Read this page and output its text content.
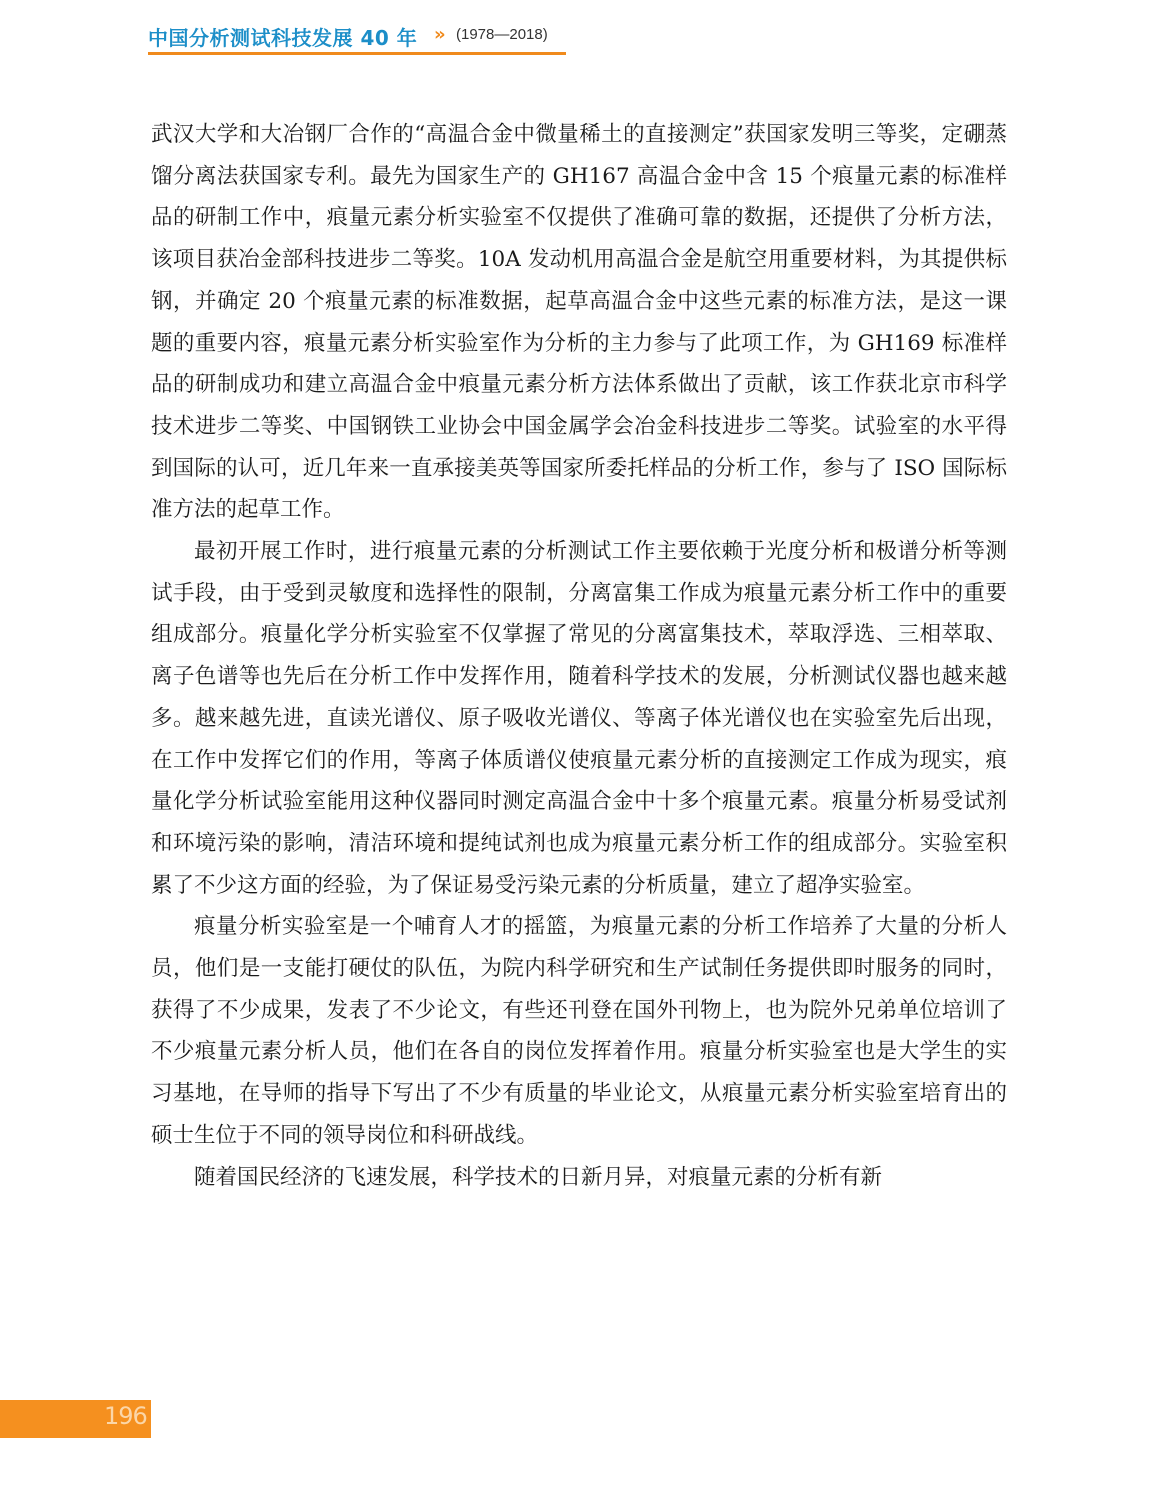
中国分析测试科技发展 40 年 » (1978—2018)

武汉大学和大冶钢厂合作的“高温合金中微量稀土的直接测定”获国家发明三等奖，定硼蒸馏分离法获国家专利。最先为国家生产的 GH167 高温合金中含 15 个痕量元素的标准样品的研制工作中，痕量元素分析实验室不仅提供了准确可靠的数据，还提供了分析方法，该项目获冶金部科技进步二等奖。10A 发动机用高温合金是航空用重要材料，为其提供标钢，并确定 20 个痕量元素的标准数据，起草高温合金中这些元素的标准方法，是这一课题的重要内容，痕量元素分析实验室作为分析的主力参与了此项工作，为 GH169 标准样品的研制成功和建立高温合金中痕量元素分析方法体系做出了贡献，该工作获北京市科学技术进步二等奖、中国钢铁工业协会中国金属学会冶金科技进步二等奖。试验室的水平得到国际的认可，近几年来一直承接美英等国家所委托样品的分析工作，参与了 ISO 国际标准方法的起草工作。

最初开展工作时，进行痕量元素的分析测试工作主要依赖于光度分析和极谱分析等测试手段，由于受到灵敏度和选择性的限制，分离富集工作成为痕量元素分析工作中的重要组成部分。痕量化学分析实验室不仅掌握了常见的分离富集技术，萃取浮选、三相萃取、离子色谱等也先后在分析工作中发挥作用，随着科学技术的发展，分析测试仪器也越来越多。越来越先进，直读光谱仪、原子吸收光谱仪、等离子体光谱仪也在实验室先后出现，在工作中发挥它们的作用，等离子体质谱仪使痕量元素分析的直接测定工作成为现实，痕量化学分析试验室能用这种仪器同时测定高温合金中十多个痕量元素。痕量分析易受试剂和环境污染的影响，清洁环境和提纯试剂也成为痕量元素分析工作的组成部分。实验室积累了不少这方面的经验，为了保证易受污染元素的分析质量，建立了超净实验室。

痕量分析实验室是一个哺育人才的摇篮，为痕量元素的分析工作培养了大量的分析人员，他们是一支能打硬仗的队伍，为院内科学研究和生产试制任务提供即时服务的同时，获得了不少成果，发表了不少论文，有些还刊登在国外刊物上，也为院外兄弟单位培训了不少痕量元素分析人员，他们在各自的岗位发挥着作用。痕量分析实验室也是大学生的实习基地，在导师的指导下写出了不少有质量的毕业论文，从痕量元素分析实验室培育出的硕士生位于不同的领导岗位和科研战线。

随着国民经济的飞速发展，科学技术的日新月异，对痕量元素的分析有新

196
